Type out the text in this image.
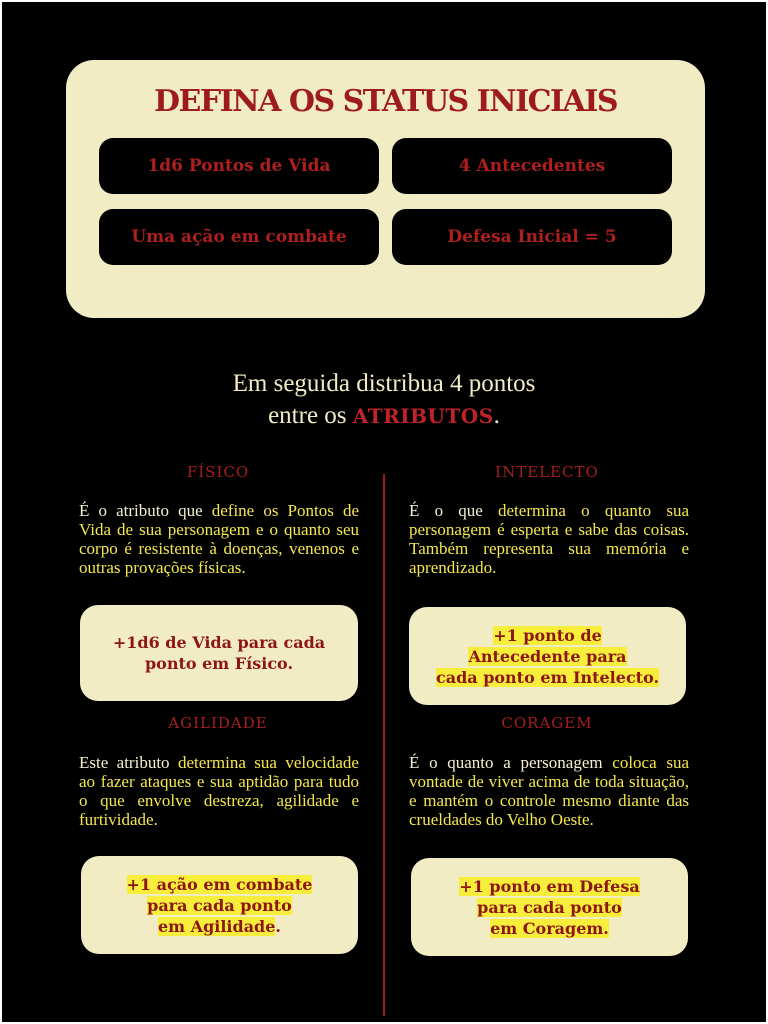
DEFINA OS STATUS INICIAIS
1d6 Pontos de Vida	4 Antecedentes
Uma ação em combate	Defesa Inicial = 5
Em seguida distribua 4 pontos
entre os ATRIBUTOS.
FÍSICO
É o atributo que define os Pontos de Vida de sua personagem e o quanto seu corpo é resistente à doenças, venenos e outras provações físicas.
+1d6 de Vida para cada ponto em Físico.
INTELECTO
É o que determina o quanto sua personagem é esperta e sabe das coisas. Também representa sua memória e aprendizado.
+1 ponto de
Antecedente para
cada ponto em Intelecto.
AGILIDADE
Este atributo determina sua velocidade ao fazer ataques e sua aptidão para tudo o que envolve destreza, agilidade e furtividade.
+1 ação em combate
para cada ponto
em Agilidade.
CORAGEM
É o quanto a personagem coloca sua vontade de viver acima de toda situação, e mantém o controle mesmo diante das crueldades do Velho Oeste.
+1 ponto em Defesa
para cada ponto
em Coragem.
